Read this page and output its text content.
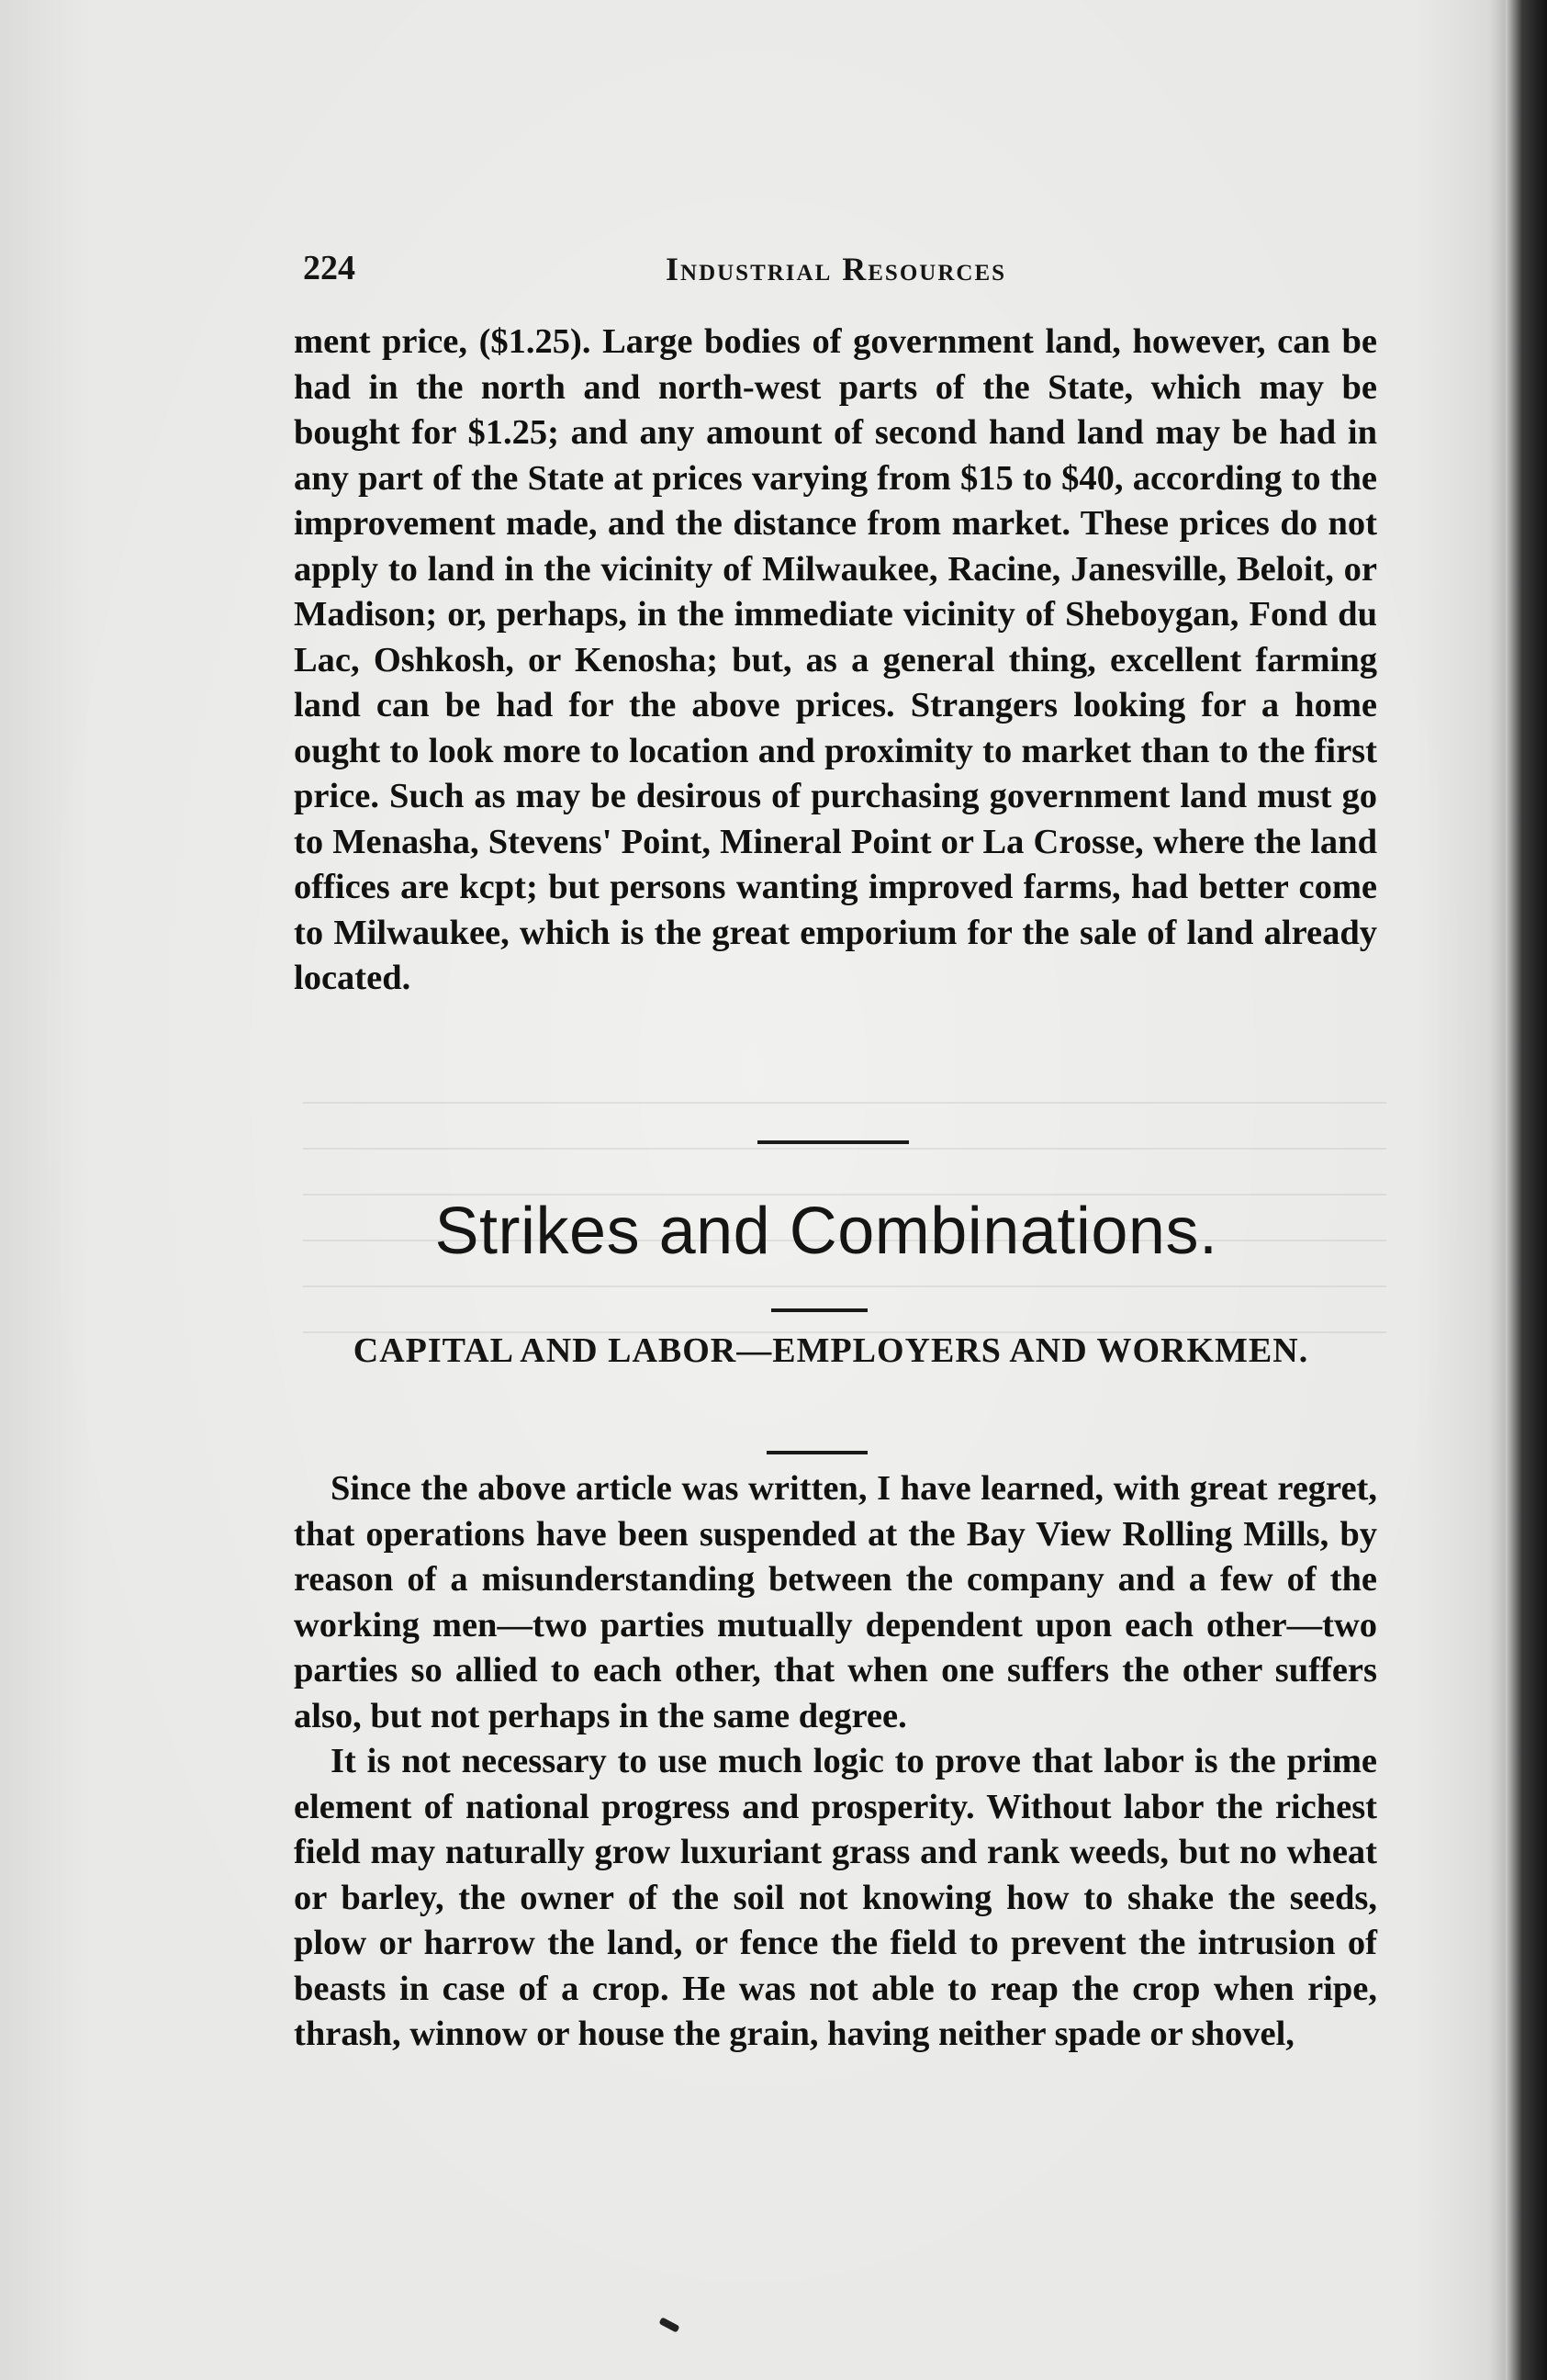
224	Industrial Resources

ment price, ($1.25). Large bodies of government land, however, can be had in the north and north-west parts of the State, which may be bought for $1.25; and any amount of second hand land may be had in any part of the State at prices varying from $15 to $40, according to the improvement made, and the distance from market. These prices do not apply to land in the vicinity of Milwaukee, Racine, Janesville, Beloit, or Madison; or, perhaps, in the immediate vicinity of Sheboygan, Fond du Lac, Oshkosh, or Kenosha; but, as a general thing, excellent farming land can be had for the above prices. Strangers looking for a home ought to look more to location and proximity to market than to the first price. Such as may be desirous of purchasing government land must go to Menasha, Stevens' Point, Mineral Point or La Crosse, where the land offices are kcpt; but persons wanting improved farms, had better come to Milwaukee, which is the great emporium for the sale of land already located.

Strikes and Combinations.
CAPITAL AND LABOR—EMPLOYERS AND WORKMEN.

Since the above article was written, I have learned, with great regret, that operations have been suspended at the Bay View Rolling Mills, by reason of a misunderstanding between the company and a few of the working men—two parties mutually dependent upon each other—two parties so allied to each other, that when one suffers the other suffers also, but not perhaps in the same degree.

It is not necessary to use much logic to prove that labor is the prime element of national progress and prosperity. Without labor the richest field may naturally grow luxuriant grass and rank weeds, but no wheat or barley, the owner of the soil not knowing how to shake the seeds, plow or harrow the land, or fence the field to prevent the intrusion of beasts in case of a crop. He was not able to reap the crop when ripe, thrash, winnow or house the grain, having neither spade or shovel,
